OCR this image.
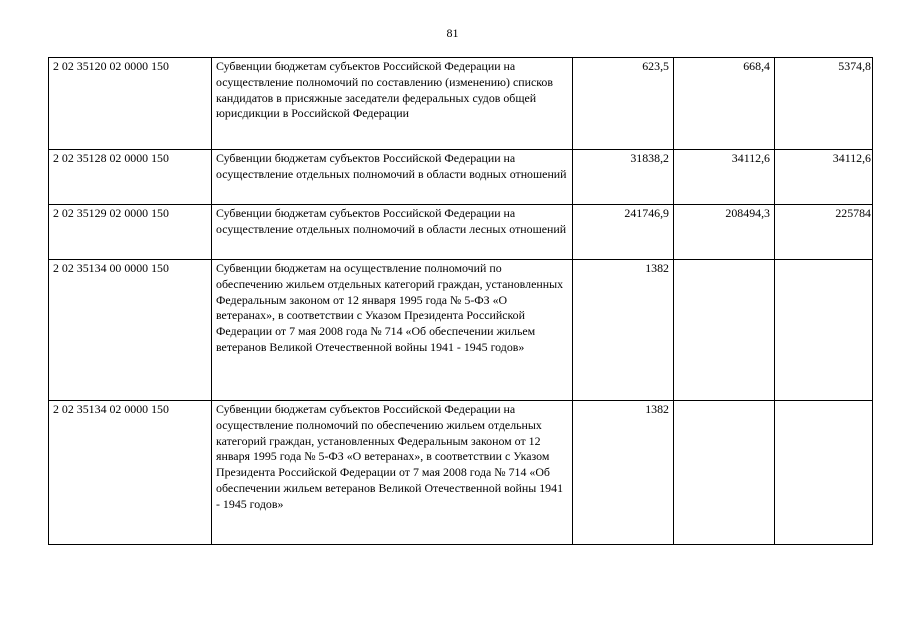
81
2 02 35120 02 0000 150	Субвенции бюджетам субъектов Российской Федерации на осуществление полномочий по составлению (изменению) списков кандидатов в присяжные заседатели федеральных судов общей юрисдикции в Российской Федерации	623,5	668,4	5374,8
2 02 35128 02 0000 150	Субвенции бюджетам субъектов Российской Федерации на осуществление отдельных полномочий в области водных отношений	31838,2	34112,6	34112,6
2 02 35129 02 0000 150	Субвенции бюджетам субъектов Российской Федерации на осуществление отдельных полномочий в области лесных отношений	241746,9	208494,3	225784
2 02 35134 00 0000 150	Субвенции бюджетам на осуществление полномочий по обеспечению жильем отдельных категорий граждан, установленных Федеральным законом от 12 января 1995 года № 5-ФЗ «О ветеранах», в соответствии с Указом Президента Российской Федерации от 7 мая 2008 года № 714 «Об обеспечении жильем ветеранов Великой Отечественной войны 1941 - 1945 годов»	1382		
2 02 35134 02 0000 150	Субвенции бюджетам субъектов Российской Федерации на осуществление полномочий по обеспечению жильем отдельных категорий граждан, установленных Федеральным законом от 12 января 1995 года № 5-ФЗ «О ветеранах», в соответствии с Указом Президента Российской Федерации от 7 мая 2008 года № 714 «Об обеспечении жильем ветеранов Великой Отечественной войны 1941 - 1945 годов»	1382		
